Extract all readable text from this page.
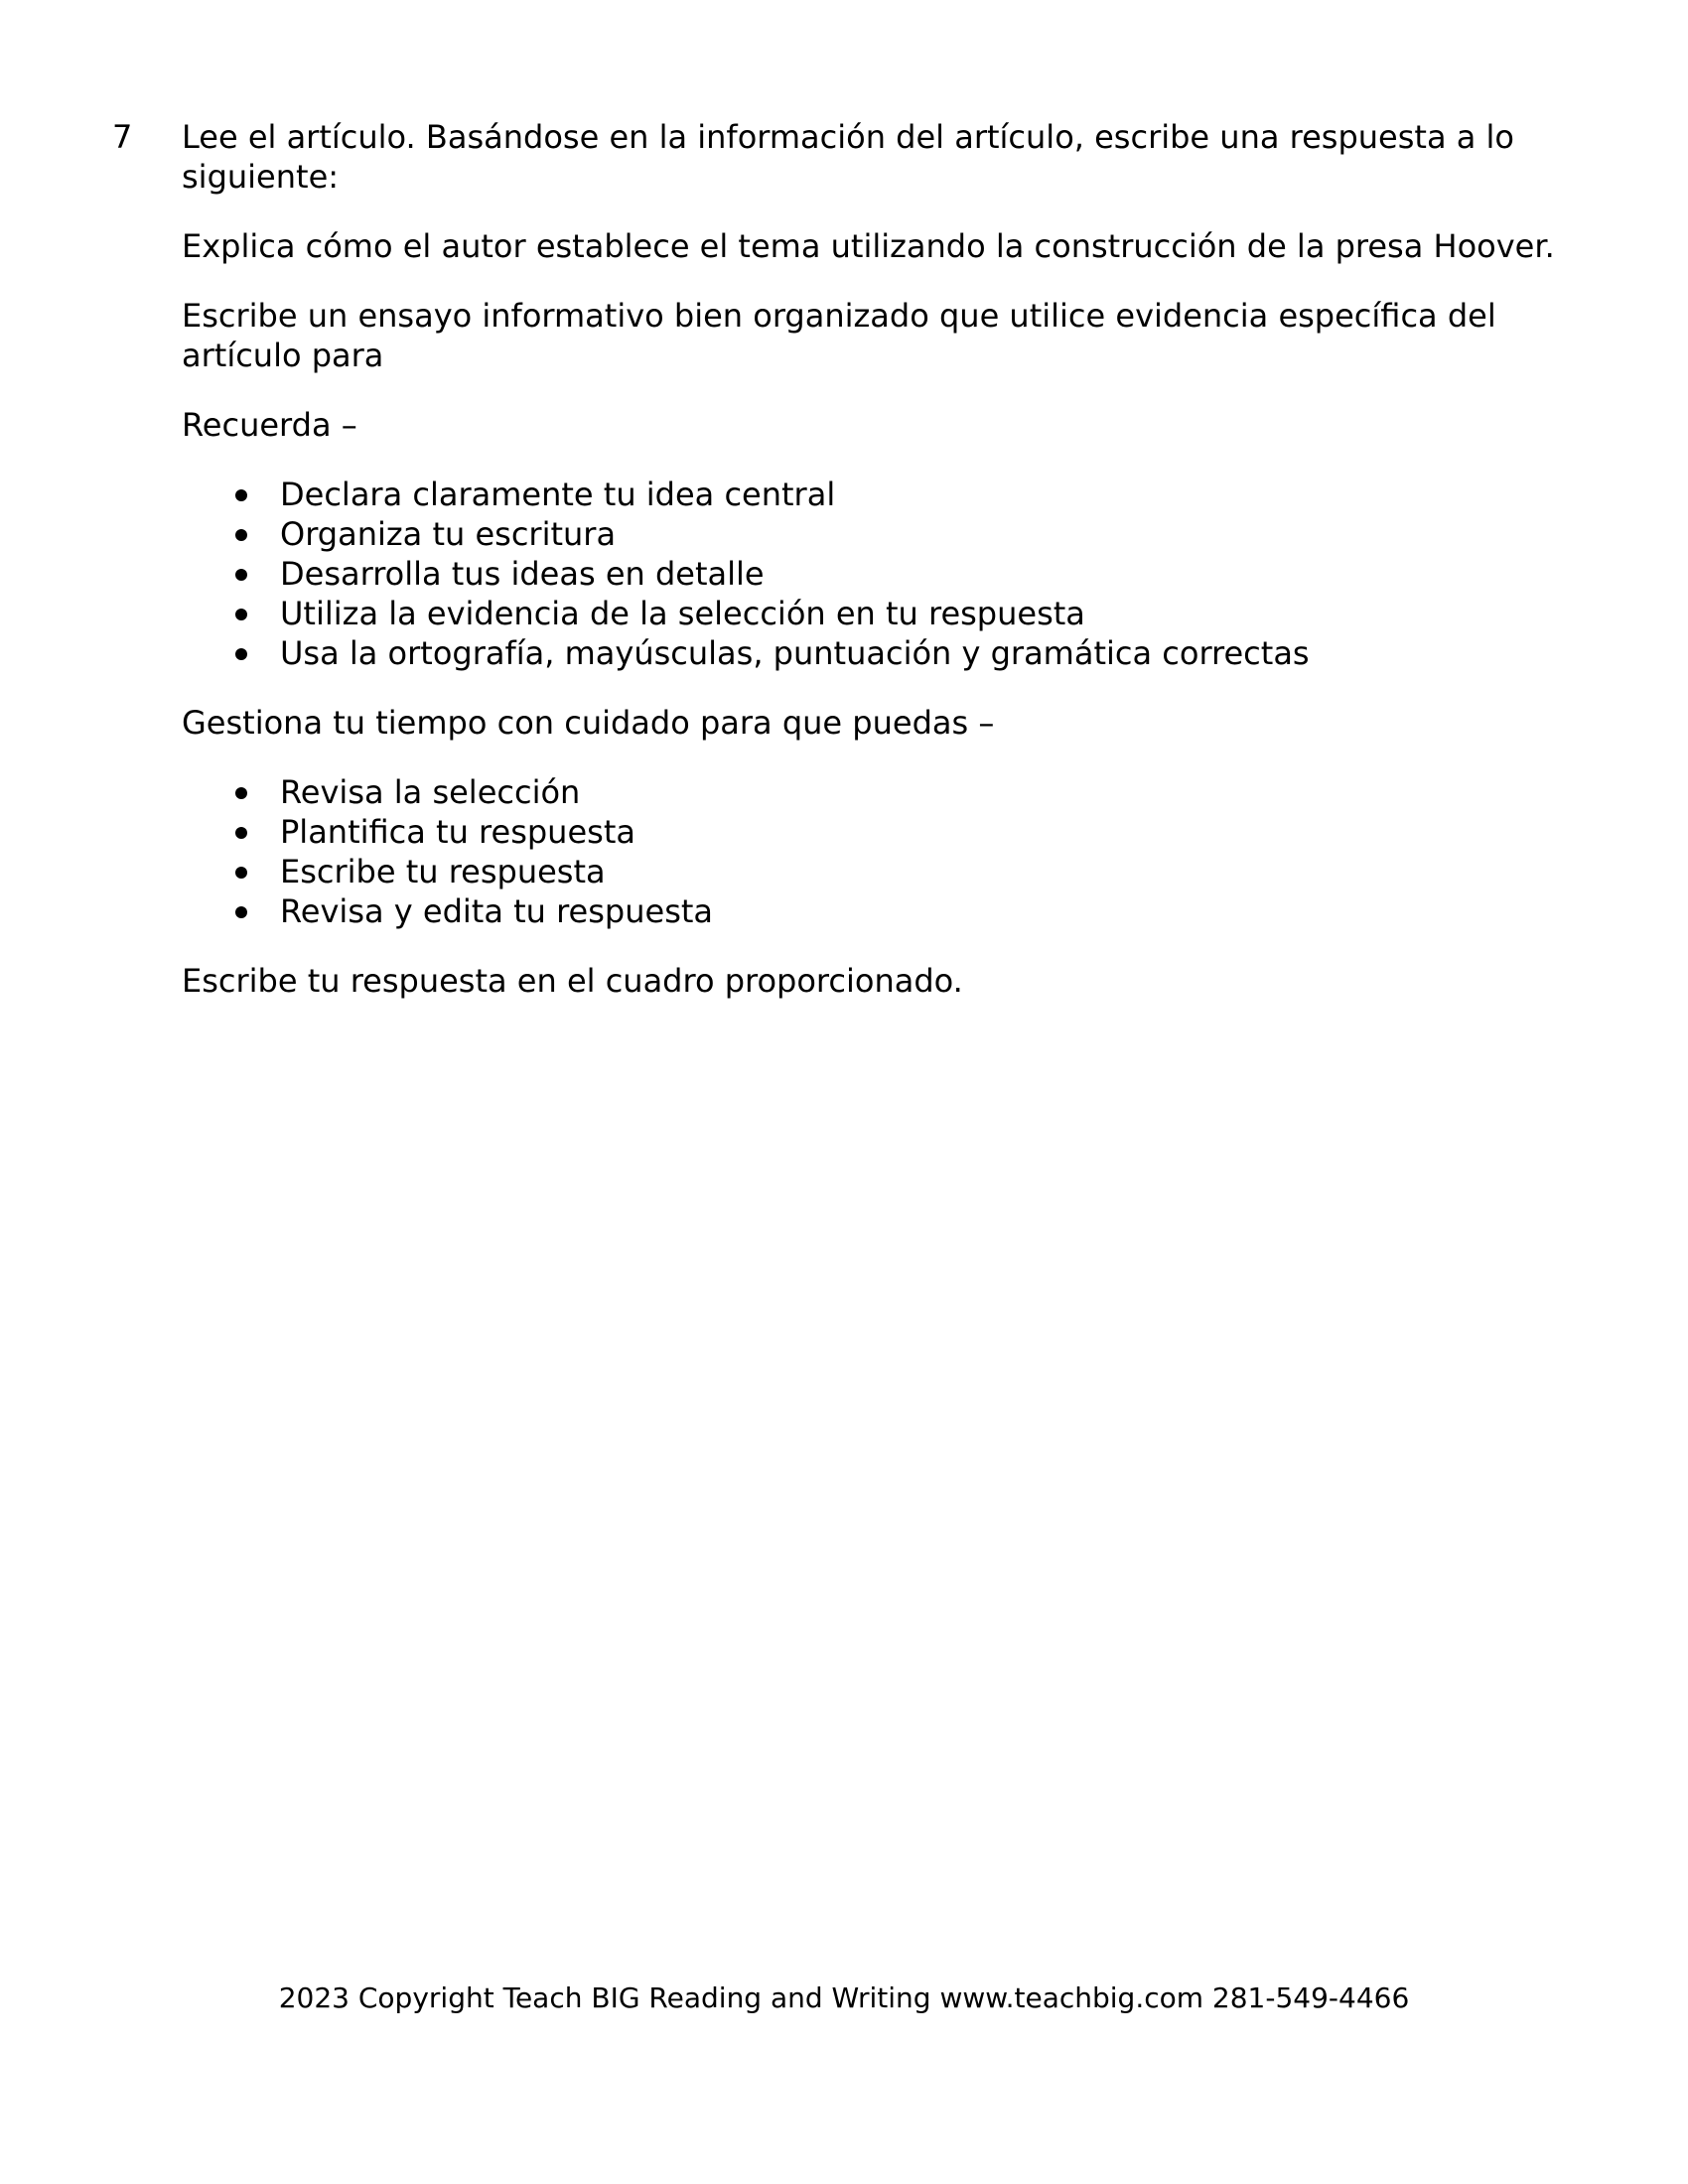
7 Lee el artículo. Basándose en la información del artículo, escribe una respuesta a lo siguiente:

Explica cómo el autor establece el tema utilizando la construcción de la presa Hoover.

Escribe un ensayo informativo bien organizado que utilice evidencia específica del artículo para

Recuerda –

Declara claramente tu idea central
Organiza tu escritura
Desarrolla tus ideas en detalle
Utiliza la evidencia de la selección en tu respuesta
Usa la ortografía, mayúsculas, puntuación y gramática correctas

Gestiona tu tiempo con cuidado para que puedas –

Revisa la selección
Plantifica tu respuesta
Escribe tu respuesta
Revisa y edita tu respuesta

Escribe tu respuesta en el cuadro proporcionado.

2023 Copyright Teach BIG Reading and Writing www.teachbig.com 281-549-4466
